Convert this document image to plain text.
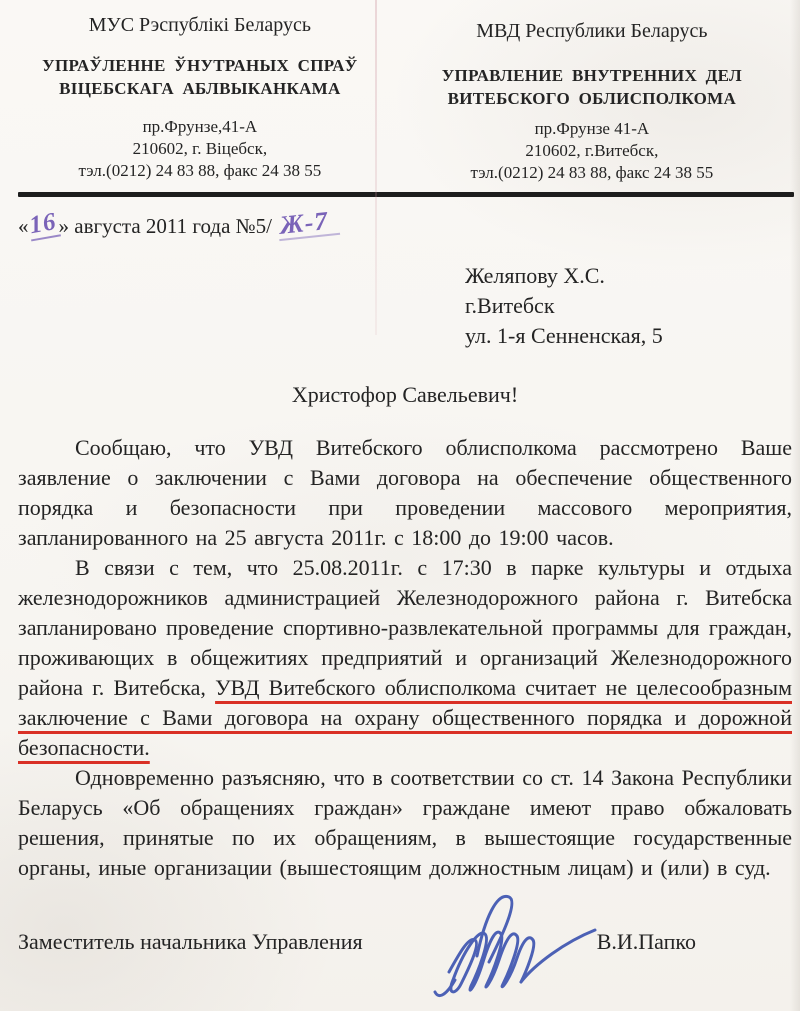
МУС Рэспублікі Беларусь
УПРАЎЛЕННЕ ЎНУТРАНЫХ СПРАЎ
ВІЦЕБСКАГА АБЛВЫКАНКАМА
пр.Фрунзе,41-А
210602, г. Віцебск,
тэл.(0212) 24 83 88, факс 24 38 55
МВД Республики Беларусь
УПРАВЛЕНИЕ ВНУТРЕННИХ ДЕЛ
ВИТЕБСКОГО ОБЛИСПОЛКОМА
пр.Фрунзе 41-А
210602, г.Витебск,
тэл.(0212) 24 83 88, факс 24 38 55
«16» августа 2011 года №5/ Ж-7
Желяпову Х.С.
г.Витебск
ул. 1-я Сенненская, 5
Христофор Савельевич!

Сообщаю, что УВД Витебского облисполкома рассмотрено Ваше заявление о заключении с Вами договора на обеспечение общественного порядка и безопасности при проведении массового мероприятия, запланированного на 25 августа 2011г. с 18:00 до 19:00 часов.

В связи с тем, что 25.08.2011г. с 17:30 в парке культуры и отдыха железнодорожников администрацией Железнодорожного района г. Витебска запланировано проведение спортивно-развлекательной программы для граждан, проживающих в общежитиях предприятий и организаций Железнодорожного района г. Витебска, УВД Витебского облисполкома считает не целесообразным заключение с Вами договора на охрану общественного порядка и дорожной безопасности.

Одновременно разъясняю, что в соответствии со ст. 14 Закона Республики Беларусь «Об обращениях граждан» граждане имеют право обжаловать решения, принятые по их обращениям, в вышестоящие государственные органы, иные организации (вышестоящим должностным лицам) и (или) в суд.

Заместитель начальника Управления	В.И.Папко
